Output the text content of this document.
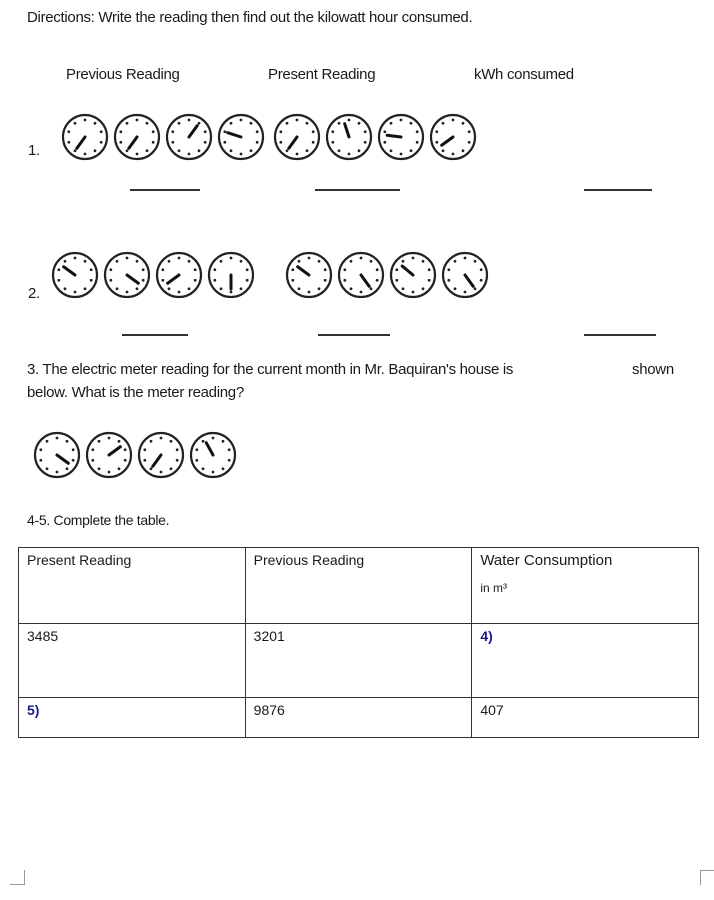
Directions: Write the reading then find out the kilowatt hour consumed.
Previous Reading	Present Reading	kWh consumed
1.
2.
3. The electric meter reading for the current month in Mr. Baquiran's house is	shown
below. What is the meter reading?
4-5. Complete the table.
Present Reading	Previous Reading	Water Consumption
in m³

3485	3201	4)
5)	9876	407
